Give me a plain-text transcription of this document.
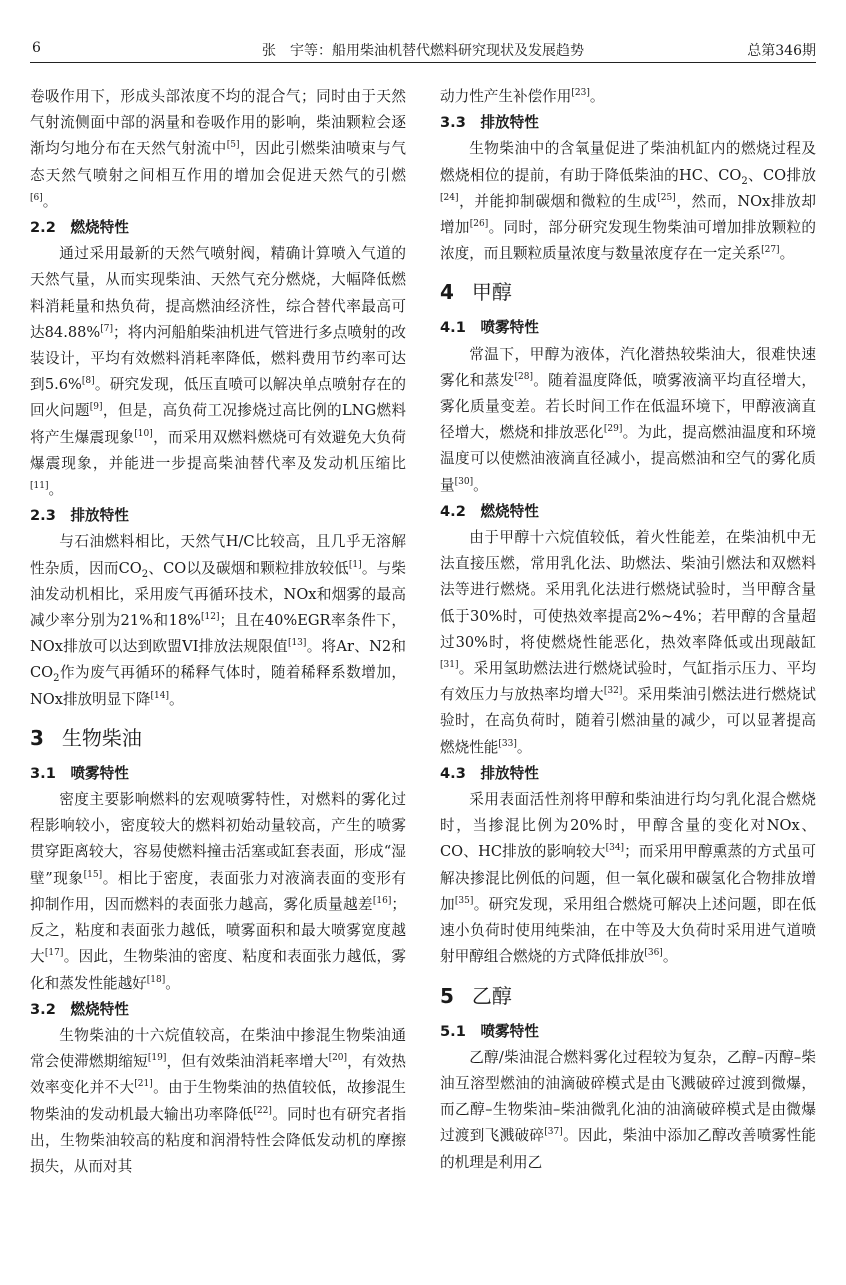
6	张　宇等：船用柴油机替代燃料研究现状及发展趋势	总第346期

卷吸作用下，形成头部浓度不均的混合气；同时由于天然气射流侧面中部的涡量和卷吸作用的影响，柴油颗粒会逐渐均匀地分布在天然气射流中[5]，因此引燃柴油喷束与气态天然气喷射之间相互作用的增加会促进天然气的引燃[6]。

2.2　燃烧特性

通过采用最新的天然气喷射阀，精确计算喷入气道的天然气量，从而实现柴油、天然气充分燃烧，大幅降低燃料消耗量和热负荷，提高燃油经济性，综合替代率最高可达84.88%[7]；将内河船舶柴油机进气管进行多点喷射的改装设计，平均有效燃料消耗率降低，燃料费用节约率可达到5.6%[8]。研究发现，低压直喷可以解决单点喷射存在的回火问题[9]，但是，高负荷工况掺烧过高比例的LNG燃料将产生爆震现象[10]，而采用双燃料燃烧可有效避免大负荷爆震现象，并能进一步提高柴油替代率及发动机压缩比[11]。

2.3　排放特性

与石油燃料相比，天然气H/C比较高，且几乎无溶解性杂质，因而$CO_2$、CO以及碳烟和颗粒排放较低[1]。与柴油发动机相比，采用废气再循环技术，NOx和烟雾的最高减少率分别为21%和18%[12]；且在40%EGR率条件下，NOx排放可以达到欧盟VI排放法规限值[13]。将Ar、N2和$CO_2$作为废气再循环的稀释气体时，随着稀释系数增加，NOx排放明显下降[14]。

3 生物柴油
3.1　喷雾特性

密度主要影响燃料的宏观喷雾特性，对燃料的雾化过程影响较小，密度较大的燃料初始动量较高，产生的喷雾贯穿距离较大，容易使燃料撞击活塞或缸套表面，形成“湿壁”现象[15]。相比于密度，表面张力对液滴表面的变形有抑制作用，因而燃料的表面张力越高，雾化质量越差[16]；反之，粘度和表面张力越低，喷雾面积和最大喷雾宽度越大[17]。因此，生物柴油的密度、粘度和表面张力越低，雾化和蒸发性能越好[18]。

3.2　燃烧特性

生物柴油的十六烷值较高，在柴油中掺混生物柴油通常会使滞燃期缩短[19]，但有效柴油消耗率增大[20]，有效热效率变化并不大[21]。由于生物柴油的热值较低，故掺混生物柴油的发动机最大输出功率降低[22]。同时也有研究者指出，生物柴油较高的粘度和润滑特性会降低发动机的摩擦损失，从而对其

动力性产生补偿作用[23]。

3.3　排放特性

生物柴油中的含氧量促进了柴油机缸内的燃烧过程及燃烧相位的提前，有助于降低柴油的HC、$CO_2$、CO排放[24]，并能抑制碳烟和微粒的生成[25]，然而，NOx排放却增加[26]。同时，部分研究发现生物柴油可增加排放颗粒的浓度，而且颗粒质量浓度与数量浓度存在一定关系[27]。

4 甲醇
4.1　喷雾特性

常温下，甲醇为液体，汽化潜热较柴油大，很难快速雾化和蒸发[28]。随着温度降低，喷雾液滴平均直径增大，雾化质量变差。若长时间工作在低温环境下，甲醇液滴直径增大，燃烧和排放恶化[29]。为此，提高燃油温度和环境温度可以使燃油液滴直径减小，提高燃油和空气的雾化质量[30]。

4.2　燃烧特性

由于甲醇十六烷值较低，着火性能差，在柴油机中无法直接压燃，常用乳化法、助燃法、柴油引燃法和双燃料法等进行燃烧。采用乳化法进行燃烧试验时，当甲醇含量低于30%时，可使热效率提高2%~4%；若甲醇的含量超过30%时，将使燃烧性能恶化，热效率降低或出现敲缸[31]。采用氢助燃法进行燃烧试验时，气缸指示压力、平均有效压力与放热率均增大[32]。采用柴油引燃法进行燃烧试验时，在高负荷时，随着引燃油量的减少，可以显著提高燃烧性能[33]。

4.3　排放特性

采用表面活性剂将甲醇和柴油进行均匀乳化混合燃烧时，当掺混比例为20%时，甲醇含量的变化对NOx、CO、HC排放的影响较大[34]；而采用甲醇熏蒸的方式虽可解决掺混比例低的问题，但一氧化碳和碳氢化合物排放增加[35]。研究发现，采用组合燃烧可解决上述问题，即在低速小负荷时使用纯柴油，在中等及大负荷时采用进气道喷射甲醇组合燃烧的方式降低排放[36]。

5 乙醇
5.1　喷雾特性

乙醇/柴油混合燃料雾化过程较为复杂，乙醇–丙醇–柴油互溶型燃油的油滴破碎模式是由飞溅破碎过渡到微爆，而乙醇–生物柴油–柴油微乳化油的油滴破碎模式是由微爆过渡到飞溅破碎[37]。因此，柴油中添加乙醇改善喷雾性能的机理是利用乙
